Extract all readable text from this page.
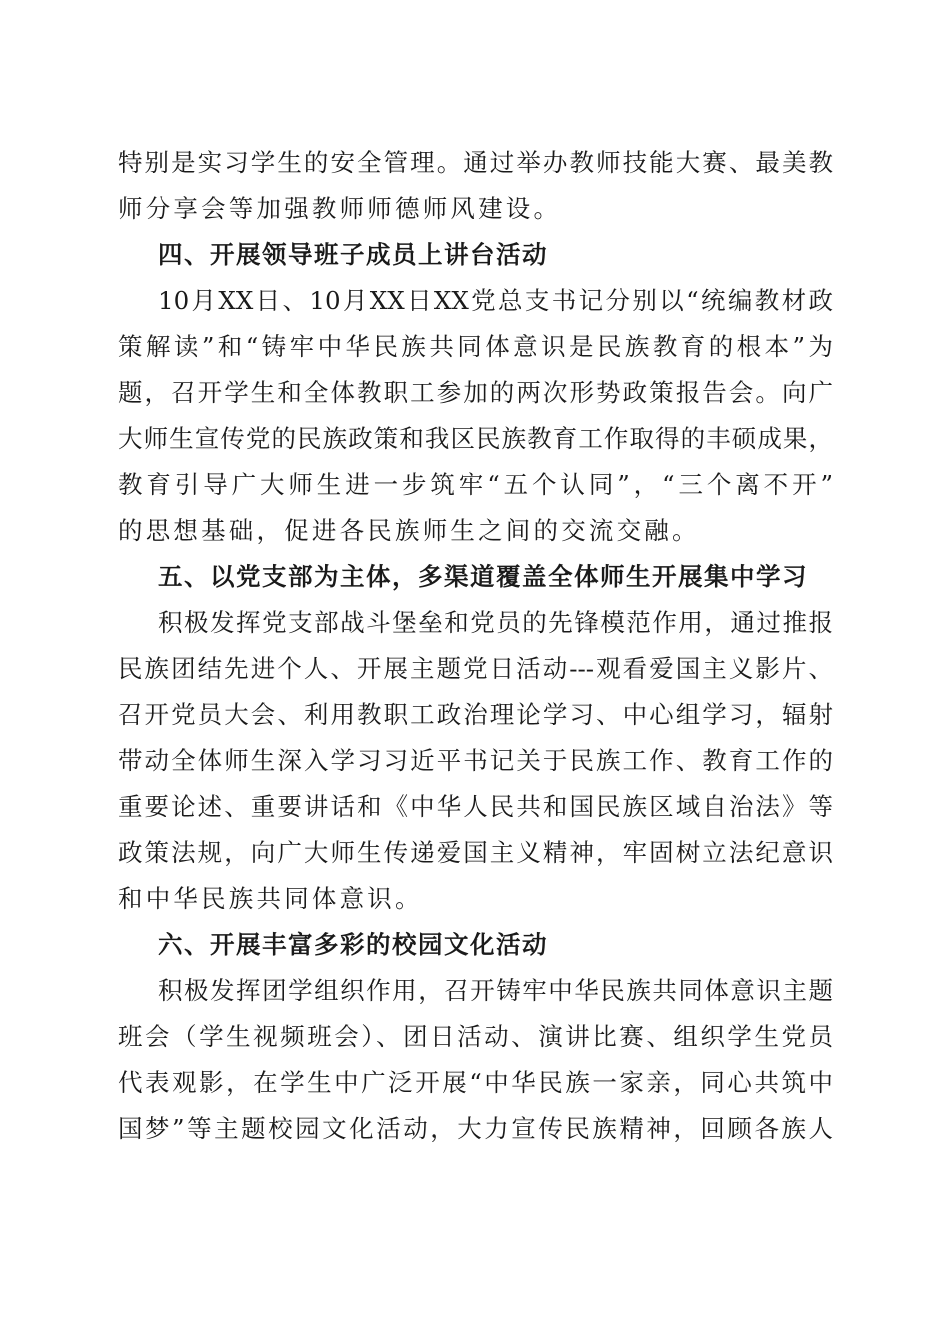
特别是实习学生的安全管理。通过举办教师技能大赛、最美教
师分享会等加强教师师德师风建设。
四、开展领导班子成员上讲台活动
10月XX日、10月XX日XX党总支书记分别以“统编教材政
策解读”和“铸牢中华民族共同体意识是民族教育的根本”为
题，召开学生和全体教职工参加的两次形势政策报告会。向广
大师生宣传党的民族政策和我区民族教育工作取得的丰硕成果，
教育引导广大师生进一步筑牢“五个认同”，“三个离不开”
的思想基础，促进各民族师生之间的交流交融。
五、以党支部为主体，多渠道覆盖全体师生开展集中学习
积极发挥党支部战斗堡垒和党员的先锋模范作用，通过推报
民族团结先进个人、开展主题党日活动---观看爱国主义影片、
召开党员大会、利用教职工政治理论学习、中心组学习，辐射
带动全体师生深入学习习近平书记关于民族工作、教育工作的
重要论述、重要讲话和《中华人民共和国民族区域自治法》等
政策法规，向广大师生传递爱国主义精神，牢固树立法纪意识
和中华民族共同体意识。
六、开展丰富多彩的校园文化活动
积极发挥团学组织作用，召开铸牢中华民族共同体意识主题
班会（学生视频班会）、团日活动、演讲比赛、组织学生党员
代表观影，在学生中广泛开展“中华民族一家亲，同心共筑中
国梦”等主题校园文化活动，大力宣传民族精神，回顾各族人
